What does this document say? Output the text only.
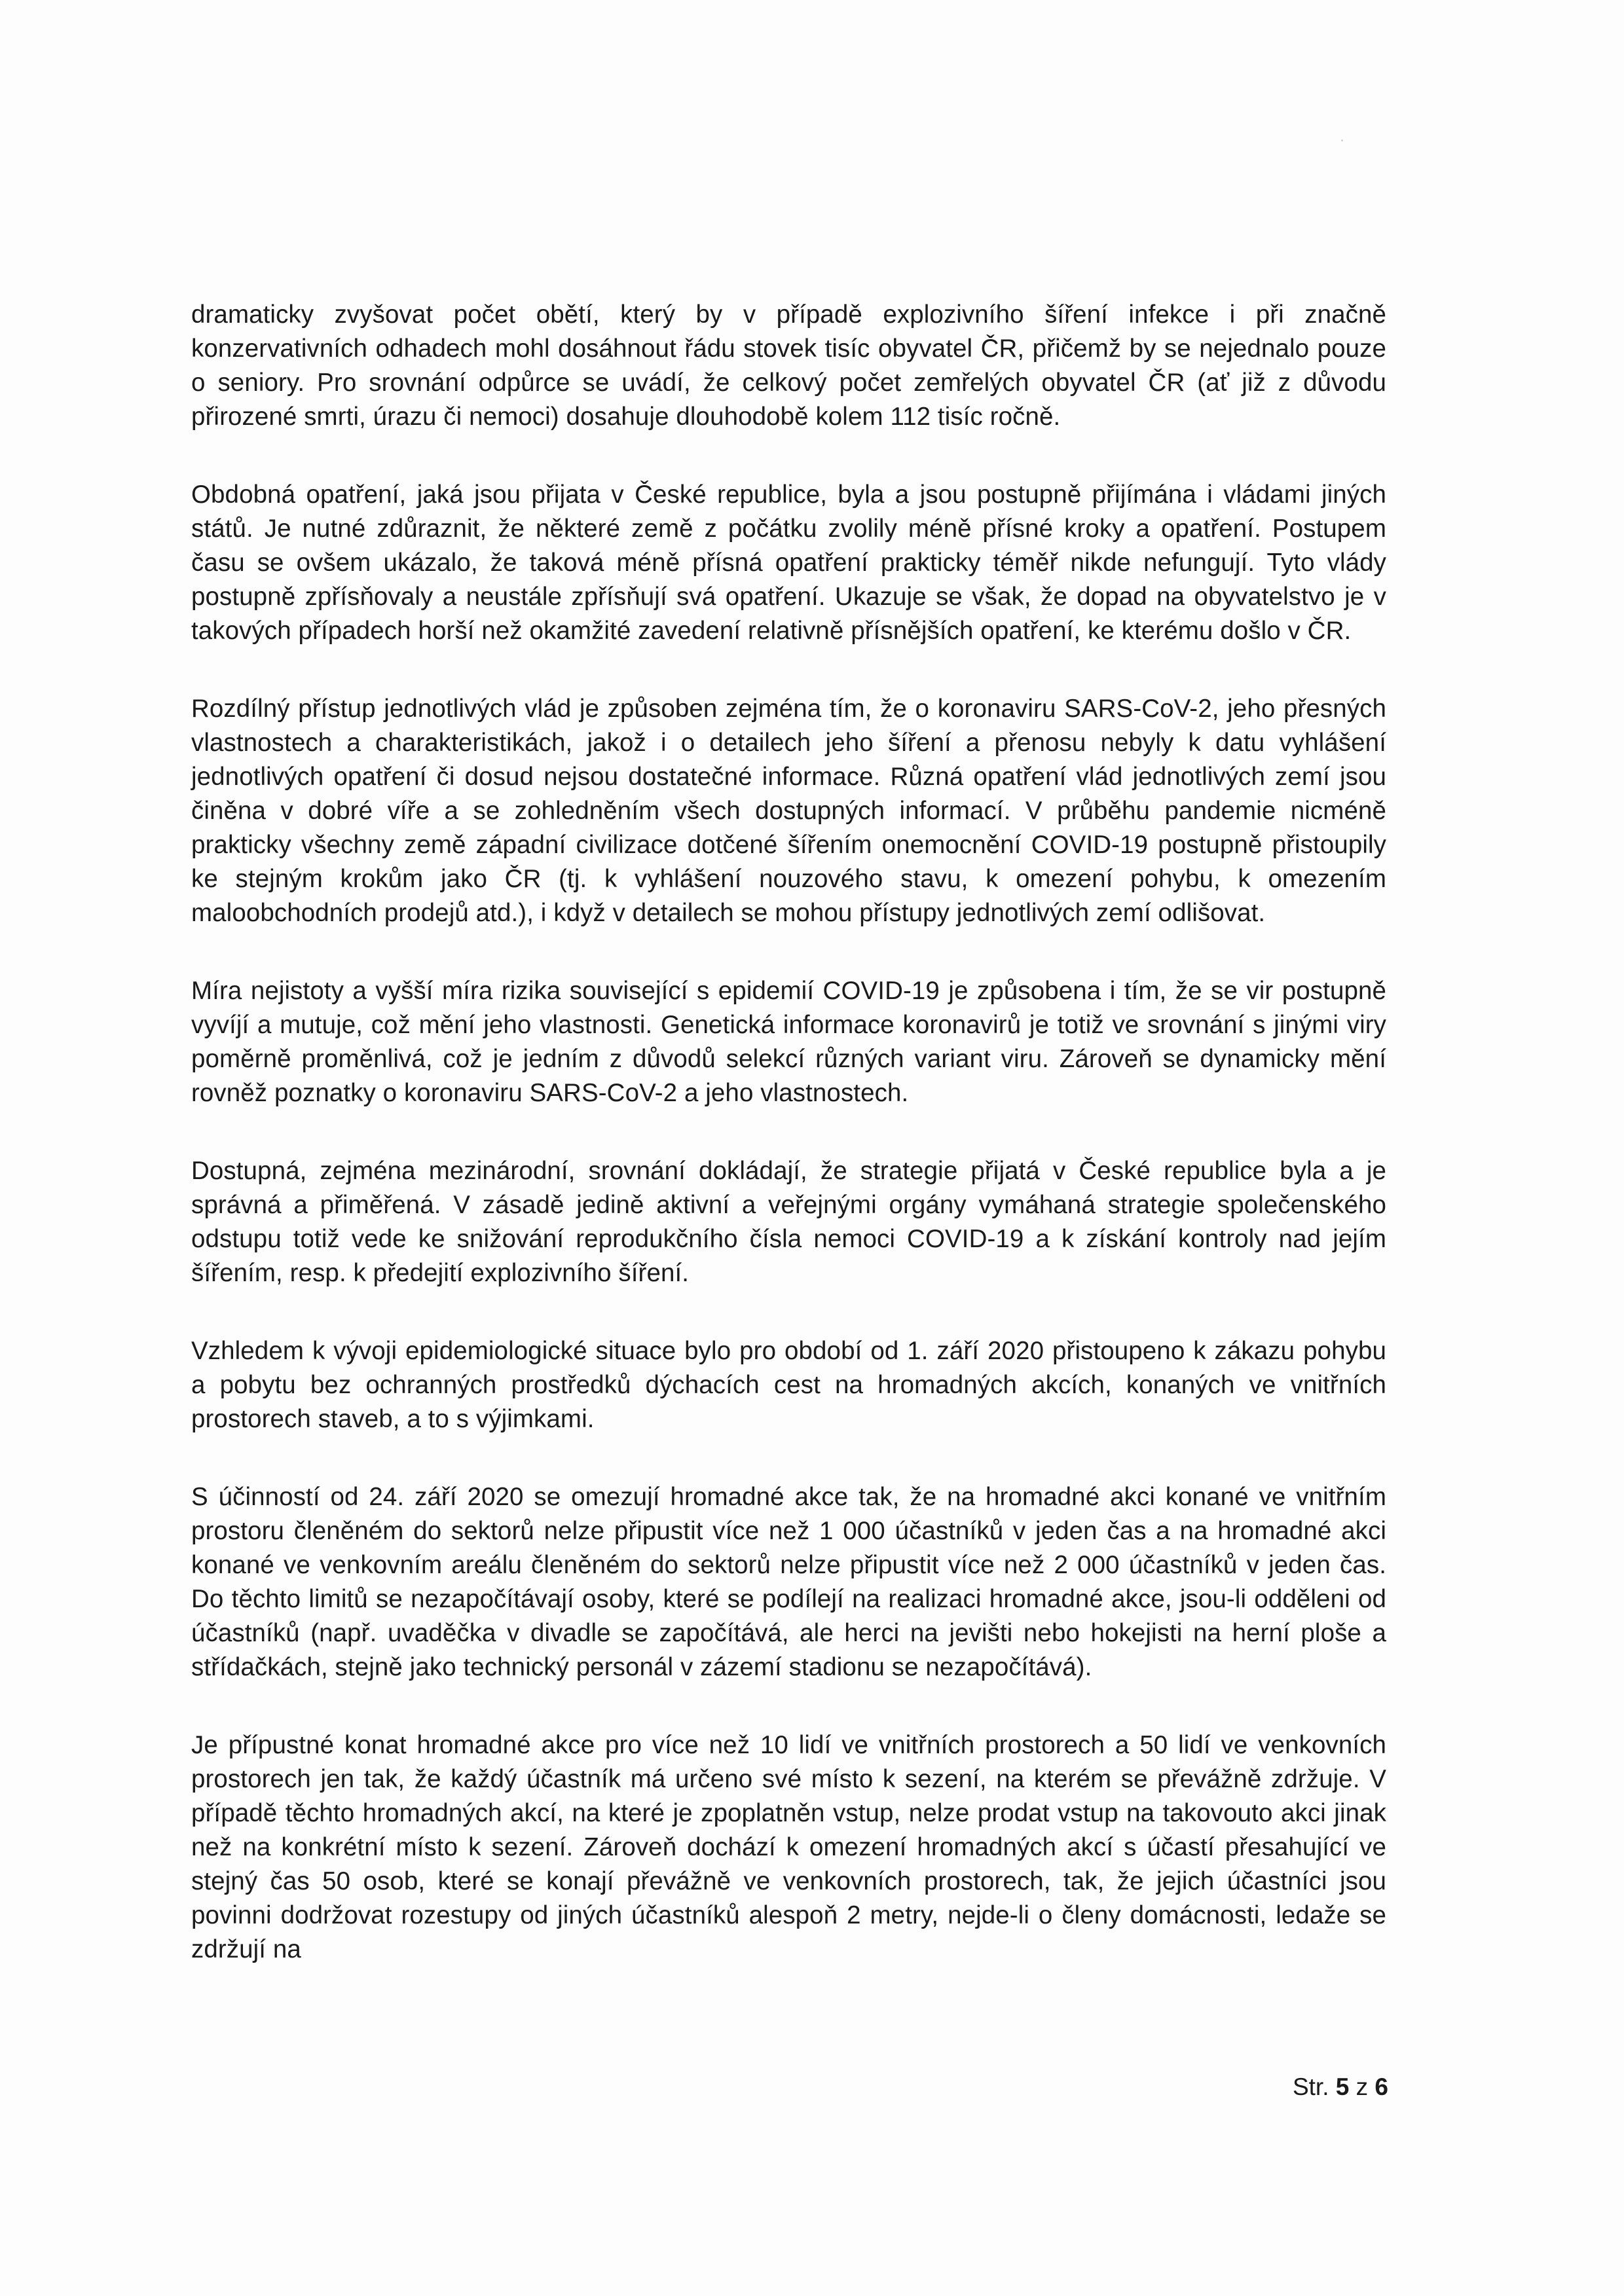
dramaticky zvyšovat počet obětí, který by v případě explozivního šíření infekce i při značně konzervativních odhadech mohl dosáhnout řádu stovek tisíc obyvatel ČR, přičemž by se nejednalo pouze o seniory. Pro srovnání odpůrce se uvádí, že celkový počet zemřelých obyvatel ČR (ať již z důvodu přirozené smrti, úrazu či nemoci) dosahuje dlouhodobě kolem 112 tisíc ročně.

Obdobná opatření, jaká jsou přijata v České republice, byla a jsou postupně přijímána i vládami jiných států. Je nutné zdůraznit, že některé země z počátku zvolily méně přísné kroky a opatření. Postupem času se ovšem ukázalo, že taková méně přísná opatření prakticky téměř nikde nefungují. Tyto vlády postupně zpřísňovaly a neustále zpřísňují svá opatření. Ukazuje se však, že dopad na obyvatelstvo je v takových případech horší než okamžité zavedení relativně přísnějších opatření, ke kterému došlo v ČR.

Rozdílný přístup jednotlivých vlád je způsoben zejména tím, že o koronaviru SARS-CoV-2, jeho přesných vlastnostech a charakteristikách, jakož i o detailech jeho šíření a přenosu nebyly k datu vyhlášení jednotlivých opatření či dosud nejsou dostatečné informace. Různá opatření vlád jednotlivých zemí jsou činěna v dobré víře a se zohledněním všech dostupných informací. V průběhu pandemie nicméně prakticky všechny země západní civilizace dotčené šířením onemocnění COVID-19 postupně přistoupily ke stejným krokům jako ČR (tj. k vyhlášení nouzového stavu, k omezení pohybu, k omezením maloobchodních prodejů atd.), i když v detailech se mohou přístupy jednotlivých zemí odlišovat.

Míra nejistoty a vyšší míra rizika související s epidemií COVID-19 je způsobena i tím, že se vir postupně vyvíjí a mutuje, což mění jeho vlastnosti. Genetická informace koronavirů je totiž ve srovnání s jinými viry poměrně proměnlivá, což je jedním z důvodů selekcí různých variant viru. Zároveň se dynamicky mění rovněž poznatky o koronaviru SARS-CoV-2 a jeho vlastnostech.

Dostupná, zejména mezinárodní, srovnání dokládají, že strategie přijatá v České republice byla a je správná a přiměřená. V zásadě jedině aktivní a veřejnými orgány vymáhaná strategie společenského odstupu totiž vede ke snižování reprodukčního čísla nemoci COVID-19 a k získání kontroly nad jejím šířením, resp. k předejití explozivního šíření.

Vzhledem k vývoji epidemiologické situace bylo pro období od 1. září 2020 přistoupeno k zákazu pohybu a pobytu bez ochranných prostředků dýchacích cest na hromadných akcích, konaných ve vnitřních prostorech staveb, a to s výjimkami.

S účinností od 24. září 2020 se omezují hromadné akce tak, že na hromadné akci konané ve vnitřním prostoru členěném do sektorů nelze připustit více než 1 000 účastníků v jeden čas a na hromadné akci konané ve venkovním areálu členěném do sektorů nelze připustit více než 2 000 účastníků v jeden čas. Do těchto limitů se nezapočítávají osoby, které se podílejí na realizaci hromadné akce, jsou-li odděleni od účastníků (např. uvaděčka v divadle se započítává, ale herci na jevišti nebo hokejisti na herní ploše a střídačkách, stejně jako technický personál v zázemí stadionu se nezapočítává).

Je přípustné konat hromadné akce pro více než 10 lidí ve vnitřních prostorech a 50 lidí ve venkovních prostorech jen tak, že každý účastník má určeno své místo k sezení, na kterém se převážně zdržuje. V případě těchto hromadných akcí, na které je zpoplatněn vstup, nelze prodat vstup na takovouto akci jinak než na konkrétní místo k sezení. Zároveň dochází k omezení hromadných akcí s účastí přesahující ve stejný čas 50 osob, které se konají převážně ve venkovních prostorech, tak, že jejich účastníci jsou povinni dodržovat rozestupy od jiných účastníků alespoň 2 metry, nejde-li o členy domácnosti, ledaže se zdržují na

Str. 5 z 6
